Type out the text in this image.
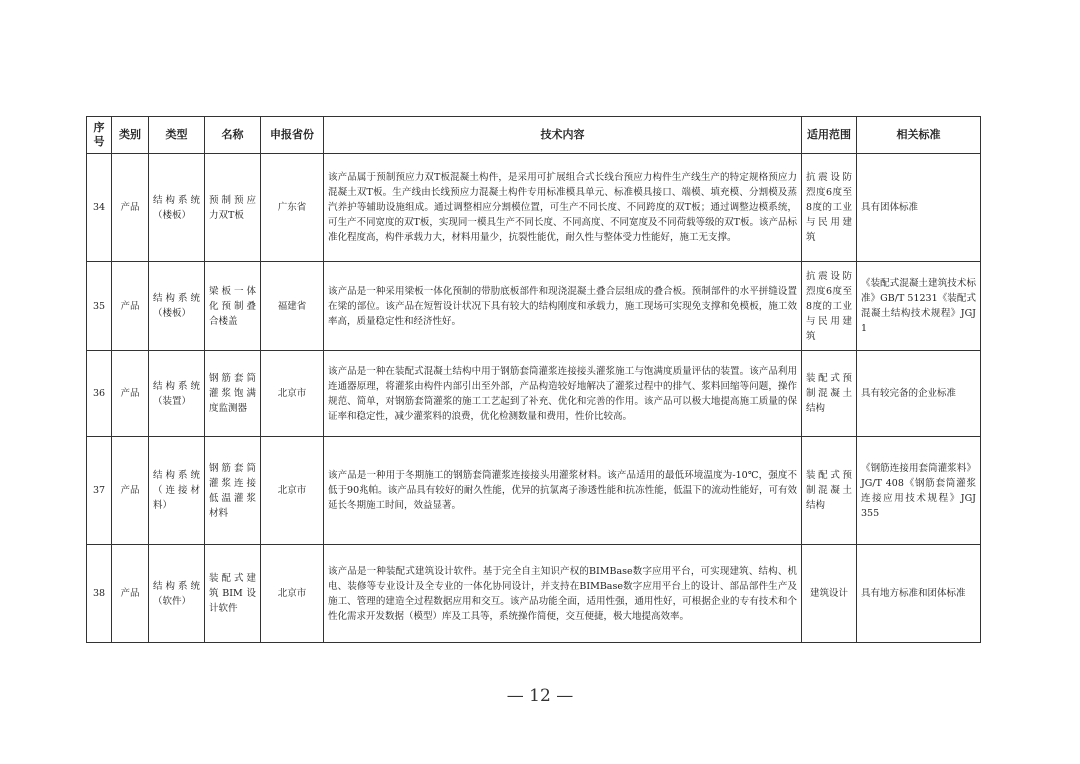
序号	类别	类型	名称	申报省份	技术内容	适用范围	相关标准
34	产品	结构系统（楼板）	预制预应力双T板	广东省	该产品属于预制预应力双T板混凝土构件，是采用可扩展组合式长线台预应力构件生产线生产的特定规格预应力混凝土双T板。生产线由长线预应力混凝土构件专用标准模具单元、标准模具接口、端模、填充模、分割模及蒸汽养护等辅助设施组成。通过调整相应分割模位置，可生产不同长度、不同跨度的双T板；通过调整边模系统，可生产不同宽度的双T板，实现同一模具生产不同长度、不同高度、不同宽度及不同荷载等级的双T板。该产品标准化程度高，构件承载力大，材料用量少，抗裂性能优，耐久性与整体受力性能好，施工无支撑。	抗震设防烈度6度至8度的工业与民用建筑	具有团体标准
35	产品	结构系统（楼板）	梁板一体化预制叠合楼盖	福建省	该产品是一种采用梁板一体化预制的带肋底板部件和现浇混凝土叠合层组成的叠合板。预制部件的水平拼缝设置在梁的部位。该产品在短暂设计状况下具有较大的结构刚度和承载力，施工现场可实现免支撑和免模板，施工效率高，质量稳定性和经济性好。	抗震设防烈度6度至8度的工业与民用建筑	《装配式混凝土建筑技术标准》GB/T 51231《装配式混凝土结构技术规程》JGJ 1
36	产品	结构系统（装置）	钢筋套筒灌浆饱满度监测器	北京市	该产品是一种在装配式混凝土结构中用于钢筋套筒灌浆连接接头灌浆施工与饱满度质量评估的装置。该产品利用连通器原理，将灌浆由构件内部引出至外部，产品构造较好地解决了灌浆过程中的排气、浆料回缩等问题，操作规范、简单，对钢筋套筒灌浆的施工工艺起到了补充、优化和完善的作用。该产品可以极大地提高施工质量的保证率和稳定性，减少灌浆料的浪费，优化检测数量和费用，性价比较高。	装配式预制混凝土结构	具有较完备的企业标准
37	产品	结构系统（连接材料）	钢筋套筒灌浆连接低温灌浆材料	北京市	该产品是一种用于冬期施工的钢筋套筒灌浆连接接头用灌浆材料。该产品适用的最低环境温度为-10℃，强度不低于90兆帕。该产品具有较好的耐久性能，优异的抗氯离子渗透性能和抗冻性能，低温下的流动性能好，可有效延长冬期施工时间，效益显著。	装配式预制混凝土结构	《钢筋连接用套筒灌浆料》JG/T 408《钢筋套筒灌浆连接应用技术规程》JGJ 355
38	产品	结构系统（软件）	装配式建筑BIM设计软件	北京市	该产品是一种装配式建筑设计软件。基于完全自主知识产权的BIMBase数字应用平台，可实现建筑、结构、机电、装修等专业设计及全专业的一体化协同设计，并支持在BIMBase数字应用平台上的设计、部品部件生产及施工、管理的建造全过程数据应用和交互。该产品功能全面，适用性强，通用性好，可根据企业的专有技术和个性化需求开发数据（模型）库及工具等，系统操作简便，交互便捷，极大地提高效率。	建筑设计	具有地方标准和团体标准
— 12 —
